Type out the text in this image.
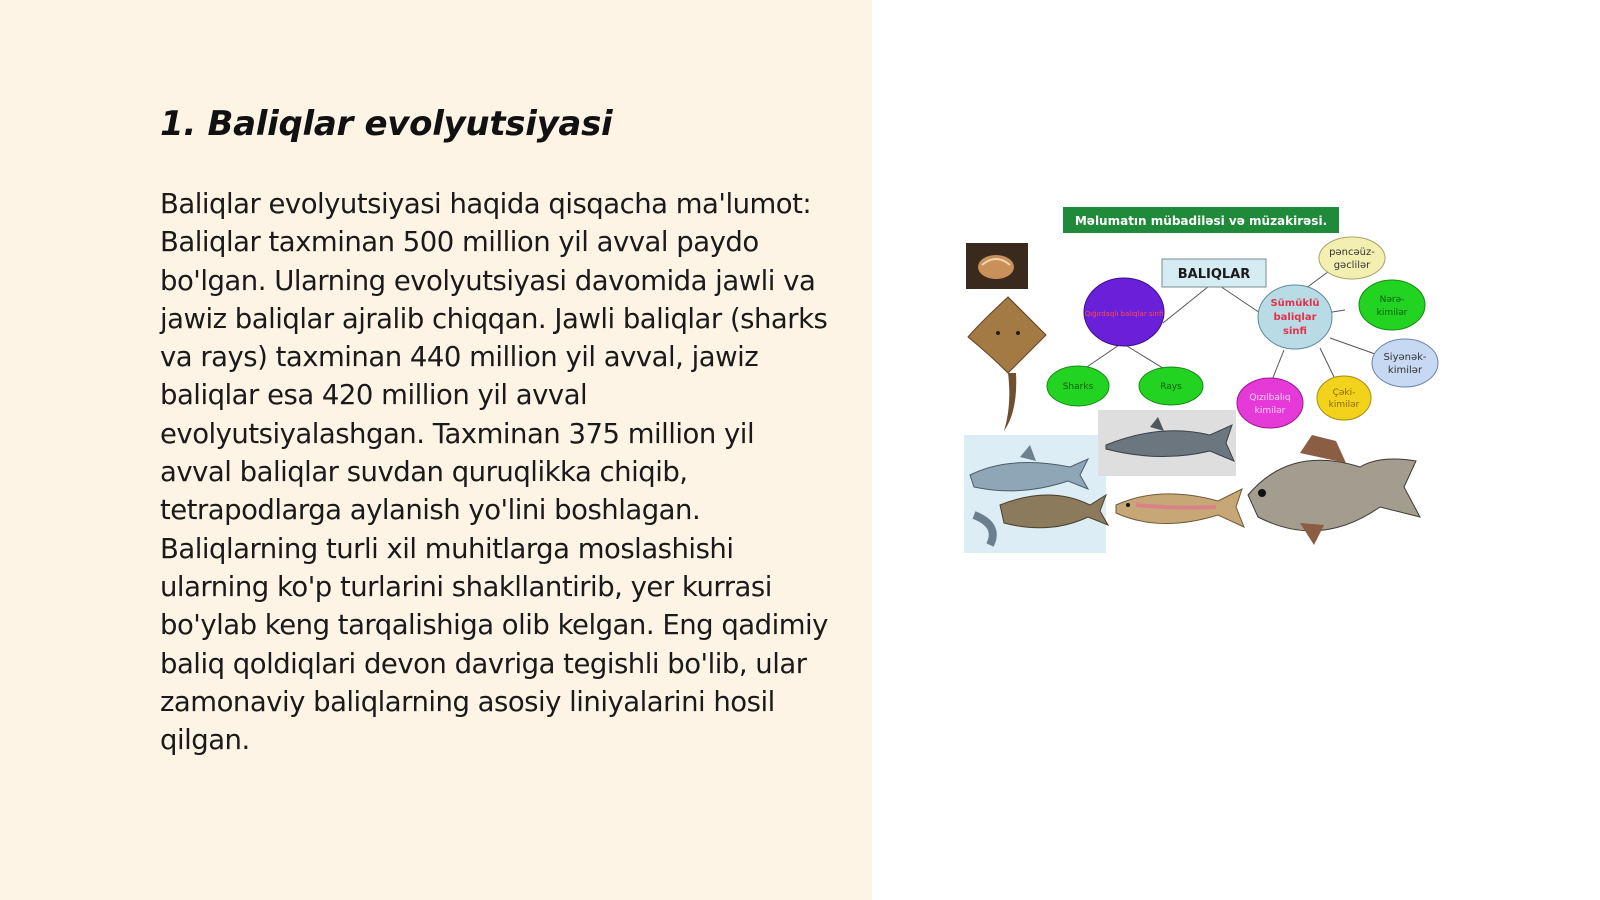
1. Baliqlar evolyutsiyasi

Baliqlar evolyutsiyasi haqida qisqacha ma'lumot: Baliqlar taxminan 500 million yil avval paydo bo'lgan. Ularning evolyutsiyasi davomida jawli va jawiz baliqlar ajralib chiqqan. Jawli baliqlar (sharks va rays) taxminan 440 million yil avval, jawiz baliqlar esa 420 million yil avval evolyutsiyalashgan. Taxminan 375 million yil avval baliqlar suvdan quruqlikka chiqib, tetrapodlarga aylanish yo'lini boshlagan. Baliqlarning turli xil muhitlarga moslashishi ularning ko'p turlarini shakllantirib, yer kurrasi bo'ylab keng tarqalishiga olib kelgan. Eng qadimiy baliq qoldiqlari devon davriga tegishli bo'lib, ular zamonaviy baliqlarning asosiy liniyalarini hosil qilgan.

Məlumatın mübadiləsi və müzakirəsi.
BALIQLAR
Qığırdaqlı balıqlar sinfi
Sharks	Rays
Sümüklü
baliqlar
sinfi
pəncəüz-
gəclilər
Nərə-
kimilər
Siyənək-
kimilər
Çəki-
kimilər
Qızılbalıq
kimilər
